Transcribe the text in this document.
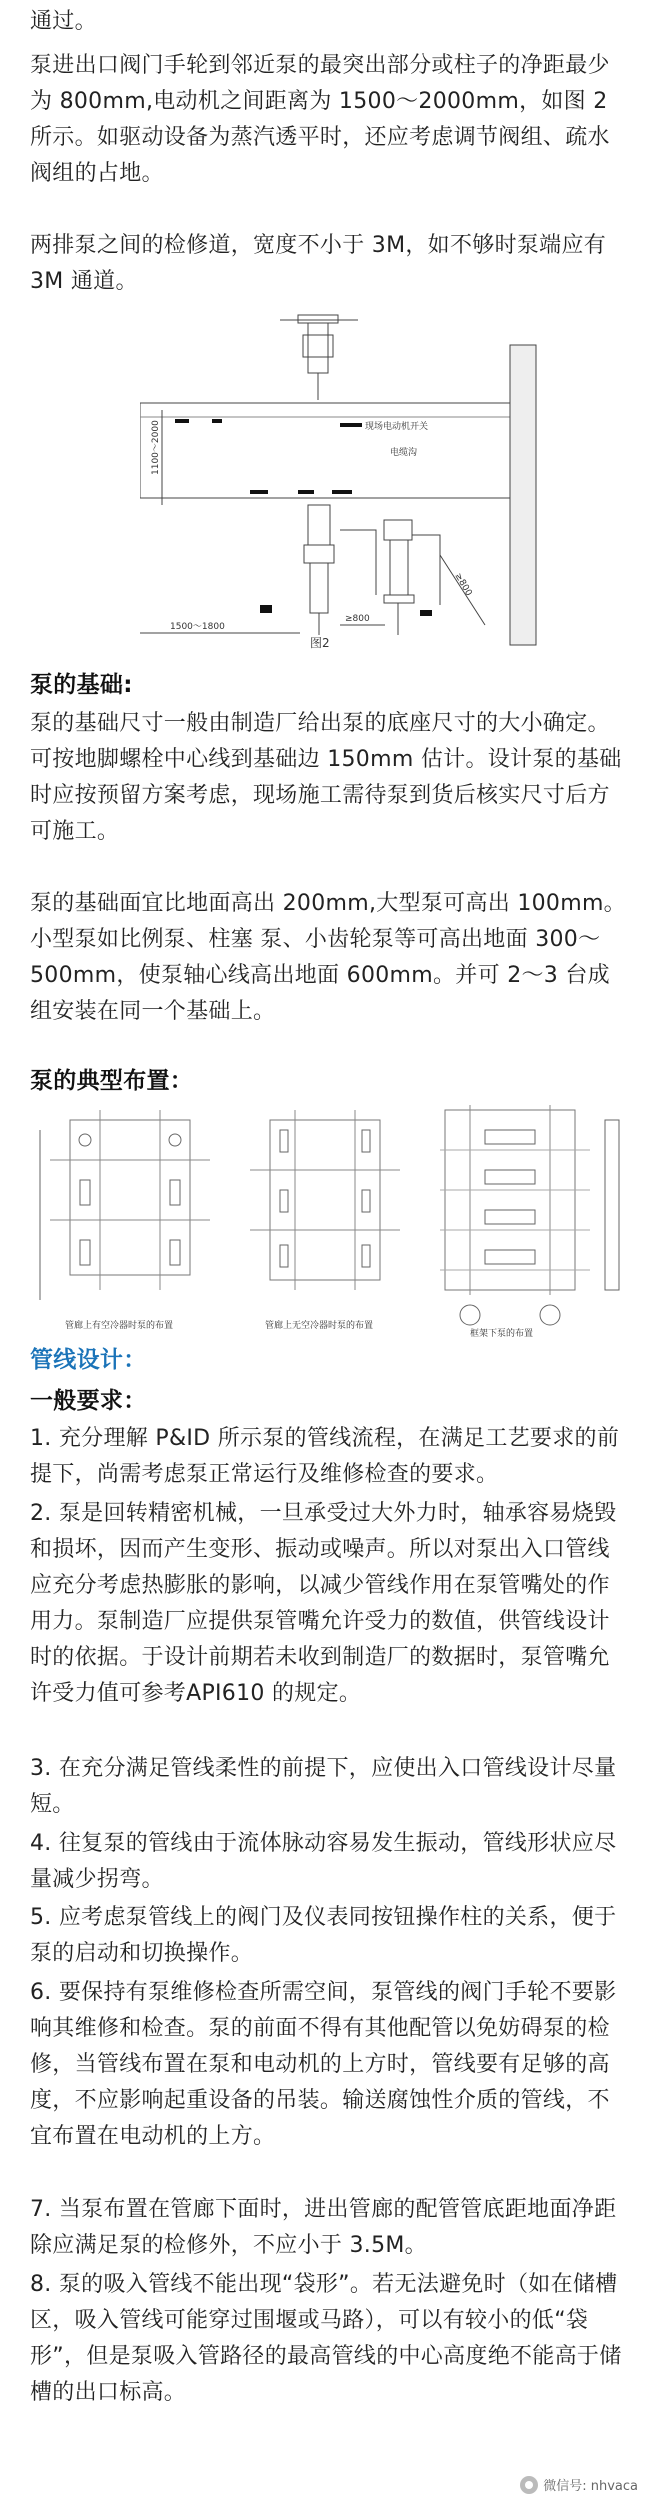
通过。
泵进出口阀门手轮到邻近泵的最突出部分或柱子的净距最少为 800mm,电动机之间距离为 1500～2000mm，如图 2 所示。如驱动设备为蒸汽透平时，还应考虑调节阀组、疏水阀组的占地。
两排泵之间的检修道，宽度不小于 3M，如不够时泵端应有 3M 通道。
现场电动机开关
电缆沟
1100～2000
≥800
1500～1800
≥800
图2
泵的基础:
泵的基础尺寸一般由制造厂给出泵的底座尺寸的大小确定。可按地脚螺栓中心线到基础边 150mm 估计。设计泵的基础时应按预留方案考虑，现场施工需待泵到货后核实尺寸后方可施工。
泵的基础面宜比地面高出 200mm,大型泵可高出 100mm。小型泵如比例泵、柱塞 泵、小齿轮泵等可高出地面 300～500mm，使泵轴心线高出地面 600mm。并可 2～3 台成组安装在同一个基础上。
泵的典型布置：
管廊上有空冷器时泵的布置	管廊上无空冷器时泵的布置
框架下泵的布置
管线设计：
一般要求：
1. 充分理解 P&ID 所示泵的管线流程，在满足工艺要求的前提下，尚需考虑泵正常运行及维修检查的要求。
2. 泵是回转精密机械，一旦承受过大外力时，轴承容易烧毁和损坏，因而产生变形、振动或噪声。所以对泵出入口管线应充分考虑热膨胀的影响，以减少管线作用在泵管嘴处的作用力。泵制造厂应提供泵管嘴允许受力的数值，供管线设计时的依据。于设计前期若未收到制造厂的数据时，泵管嘴允许受力值可参考API610 的规定。
3. 在充分满足管线柔性的前提下，应使出入口管线设计尽量短。
4. 往复泵的管线由于流体脉动容易发生振动，管线形状应尽量减少拐弯。
5. 应考虑泵管线上的阀门及仪表同按钮操作柱的关系，便于泵的启动和切换操作。
6. 要保持有泵维修检查所需空间，泵管线的阀门手轮不要影响其维修和检查。泵的前面不得有其他配管以免妨碍泵的检修，当管线布置在泵和电动机的上方时，管线要有足够的高度，不应影响起重设备的吊装。输送腐蚀性介质的管线，不宜布置在电动机的上方。
7. 当泵布置在管廊下面时，进出管廊的配管管底距地面净距除应满足泵的检修外，不应小于 3.5M。
8. 泵的吸入管线不能出现“袋形”。若无法避免时（如在储槽区，吸入管线可能穿过围堰或马路），可以有较小的低“袋形”，但是泵吸入管路径的最高管线的中心高度绝不能高于储槽的出口标高。
微信号: nhvaca
